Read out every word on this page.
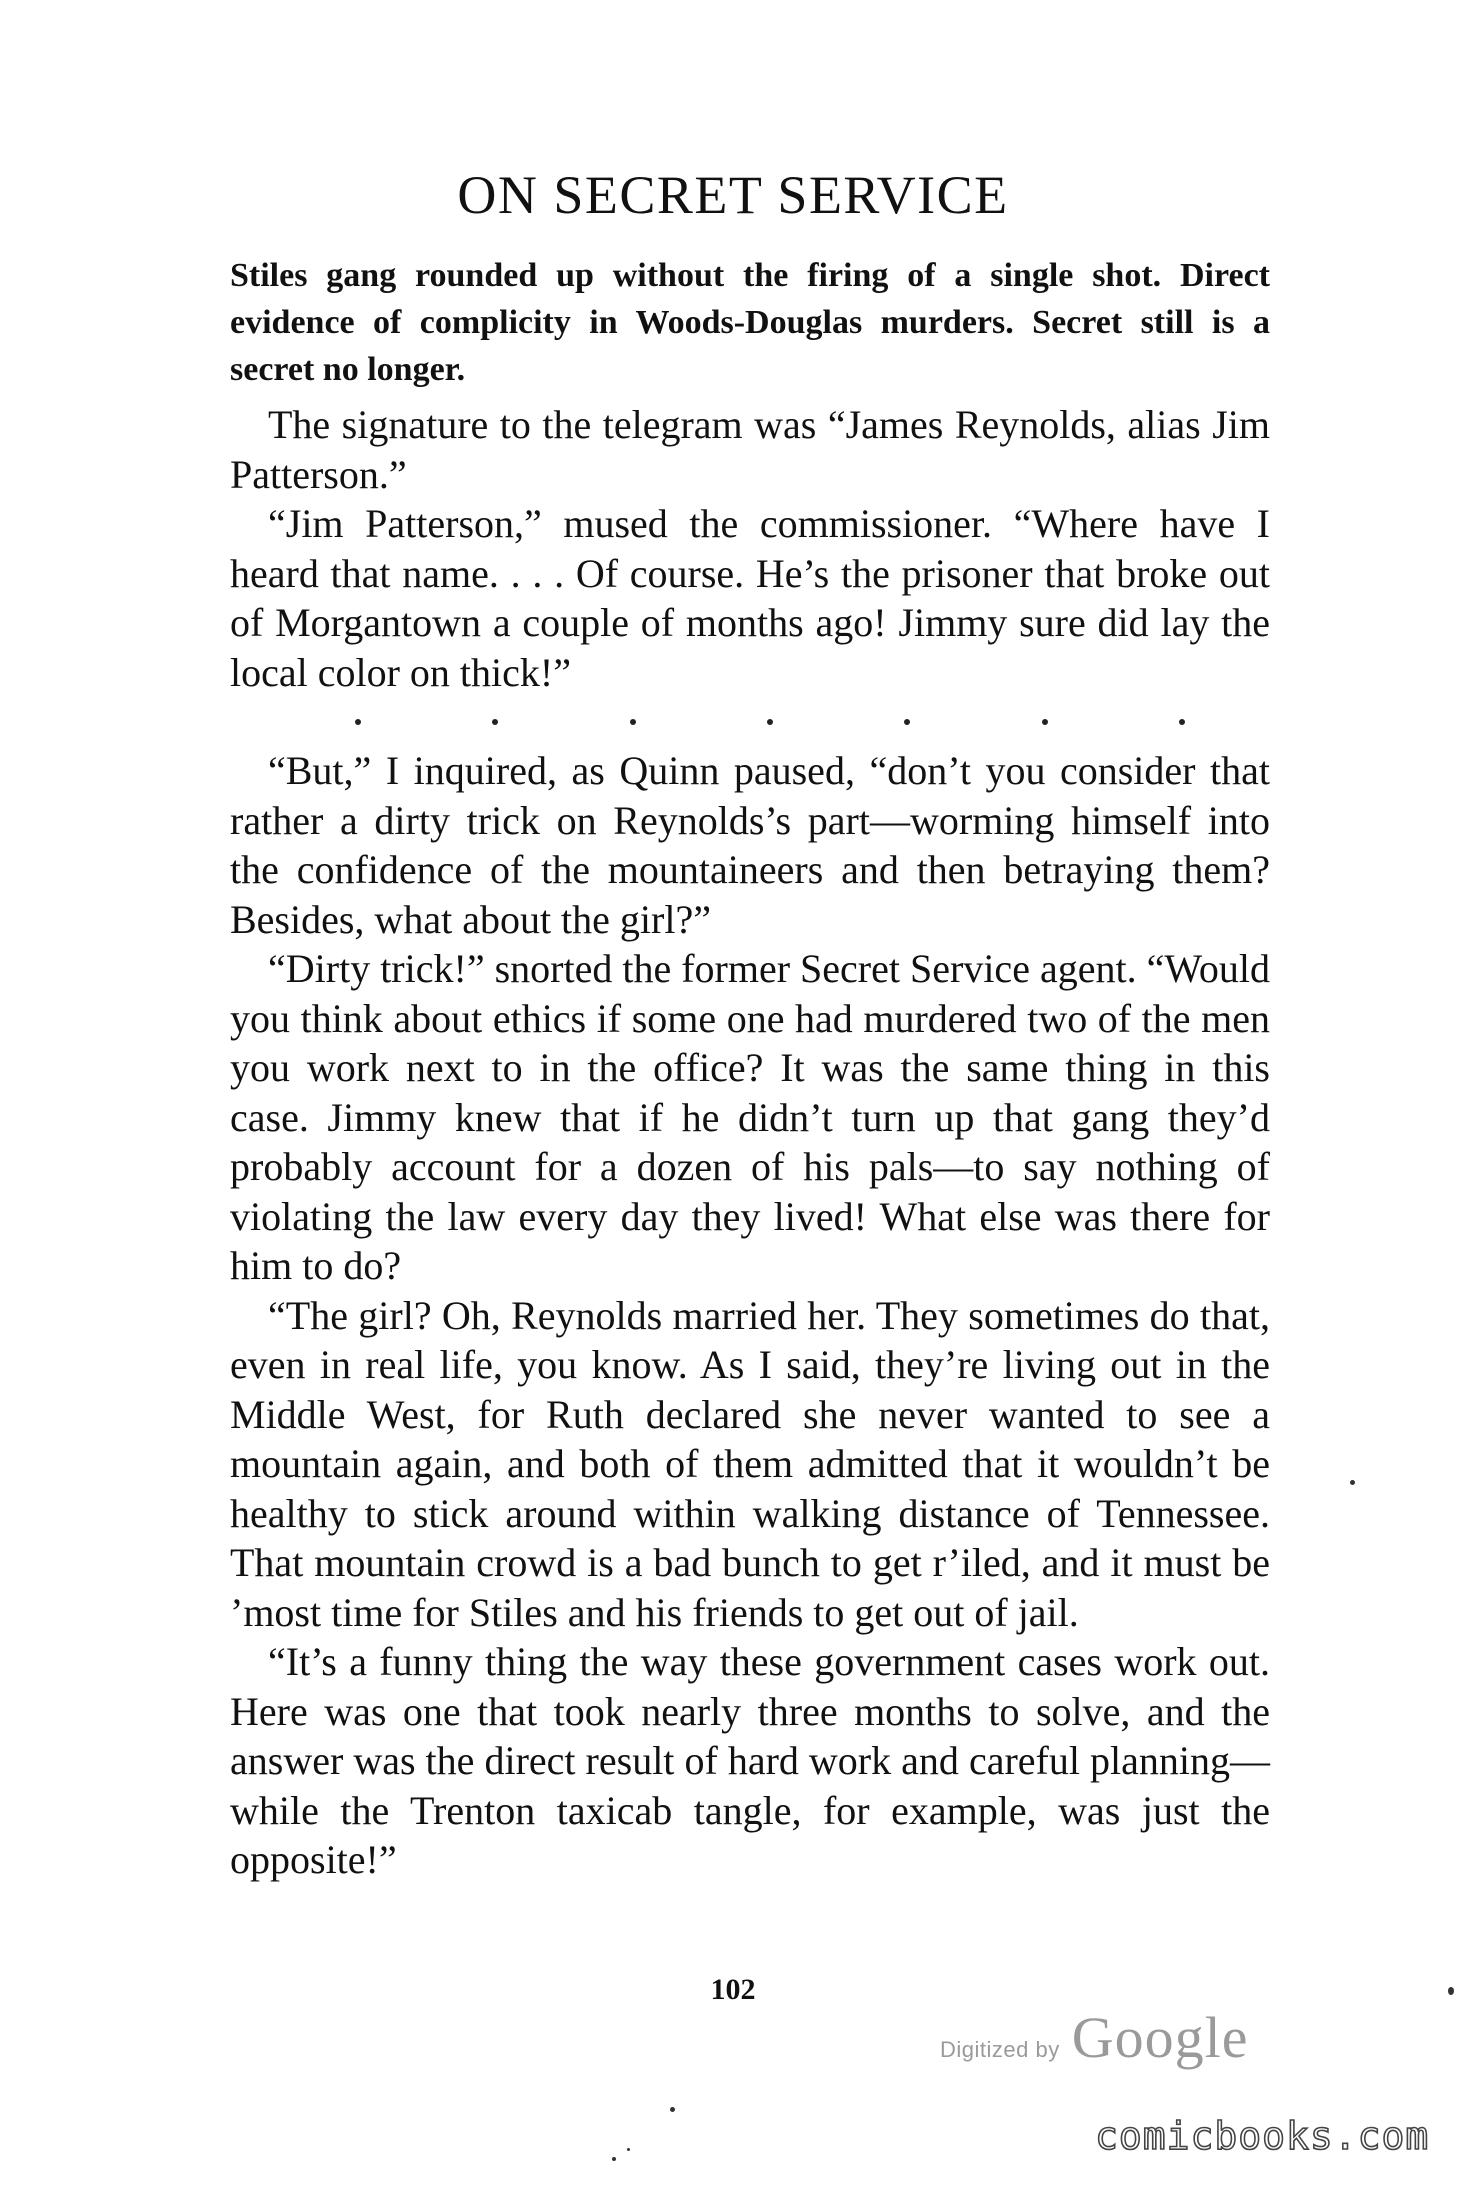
ON SECRET SERVICE
Stiles gang rounded up without the firing of a single shot. Direct evidence of complicity in Woods-Douglas murders. Secret still is a secret no longer.

The signature to the telegram was “James Reynolds, alias Jim Patterson.”

“Jim Patterson,” mused the commissioner. “Where have I heard that name. . . . Of course. He’s the prisoner that broke out of Morgantown a couple of months ago! Jimmy sure did lay the local color on thick!”

“But,” I inquired, as Quinn paused, “don’t you consider that rather a dirty trick on Reynolds’s part—worming himself into the confidence of the mountaineers and then betraying them? Besides, what about the girl?”

“Dirty trick!” snorted the former Secret Service agent. “Would you think about ethics if some one had murdered two of the men you work next to in the office? It was the same thing in this case. Jimmy knew that if he didn’t turn up that gang they’d probably account for a dozen of his pals—to say nothing of violating the law every day they lived! What else was there for him to do?

“The girl? Oh, Reynolds married her. They sometimes do that, even in real life, you know. As I said, they’re living out in the Middle West, for Ruth declared she never wanted to see a mountain again, and both of them admitted that it wouldn’t be healthy to stick around within walking distance of Tennessee. That mountain crowd is a bad bunch to get r’iled, and it must be ’most time for Stiles and his friends to get out of jail.

“It’s a funny thing the way these government cases work out. Here was one that took nearly three months to solve, and the answer was the direct result of hard work and careful planning—while the Trenton taxicab tangle, for example, was just the opposite!”

102
Digitized by Google
comicbooks.com
